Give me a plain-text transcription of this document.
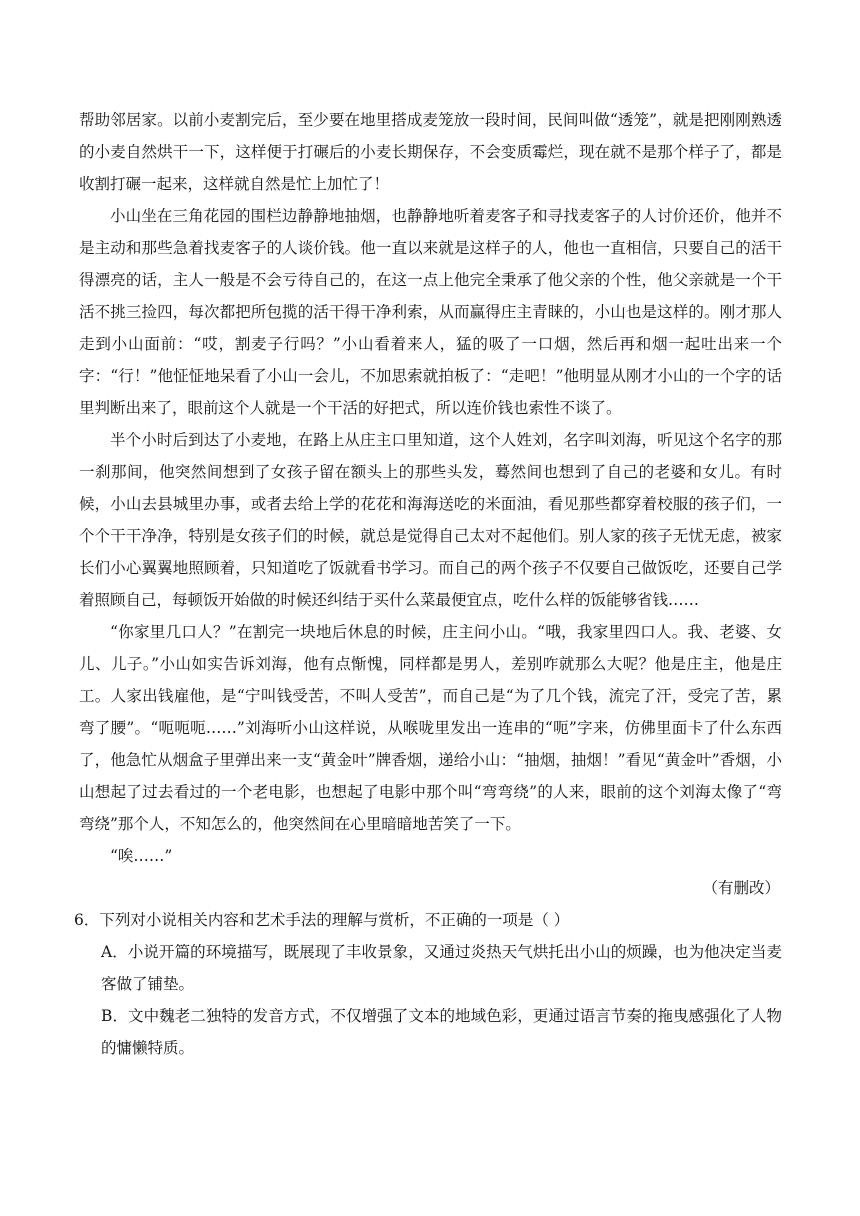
帮助邻居家。以前小麦割完后，至少要在地里搭成麦笼放一段时间，民间叫做“透笼”，就是把刚刚熟透的小麦自然烘干一下，这样便于打碾后的小麦长期保存，不会变质霉烂，现在就不是那个样子了，都是收割打碾一起来，这样就自然是忙上加忙了！

小山坐在三角花园的围栏边静静地抽烟，也静静地听着麦客子和寻找麦客子的人讨价还价，他并不是主动和那些急着找麦客子的人谈价钱。他一直以来就是这样子的人，他也一直相信，只要自己的活干得漂亮的话，主人一般是不会亏待自己的，在这一点上他完全秉承了他父亲的个性，他父亲就是一个干活不挑三捡四，每次都把所包揽的活干得干净利索，从而赢得庄主青睐的，小山也是这样的。刚才那人走到小山面前：“哎，割麦子行吗？”小山看着来人，猛的吸了一口烟，然后再和烟一起吐出来一个字：“行！”他怔怔地呆看了小山一会儿，不加思索就拍板了：“走吧！”他明显从刚才小山的一个字的话里判断出来了，眼前这个人就是一个干活的好把式，所以连价钱也索性不谈了。

半个小时后到达了小麦地，在路上从庄主口里知道，这个人姓刘，名字叫刘海，听见这个名字的那一刹那间，他突然间想到了女孩子留在额头上的那些头发，蓦然间也想到了自己的老婆和女儿。有时候，小山去县城里办事，或者去给上学的花花和海海送吃的米面油，看见那些都穿着校服的孩子们，一个个干干净净，特别是女孩子们的时候，就总是觉得自己太对不起他们。别人家的孩子无忧无虑，被家长们小心翼翼地照顾着，只知道吃了饭就看书学习。而自己的两个孩子不仅要自己做饭吃，还要自己学着照顾自己，每顿饭开始做的时候还纠结于买什么菜最便宜点，吃什么样的饭能够省钱……

“你家里几口人？”在割完一块地后休息的时候，庄主问小山。“哦，我家里四口人。我、老婆、女儿、儿子。”小山如实告诉刘海，他有点惭愧，同样都是男人，差别咋就那么大呢？他是庄主，他是庄工。人家出钱雇他，是“宁叫钱受苦，不叫人受苦”，而自己是“为了几个钱，流完了汗，受完了苦，累弯了腰”。“呃呃呃……”刘海听小山这样说，从喉咙里发出一连串的“呃”字来，仿佛里面卡了什么东西了，他急忙从烟盒子里弹出来一支“黄金叶”牌香烟，递给小山：“抽烟，抽烟！”看见“黄金叶”香烟，小山想起了过去看过的一个老电影，也想起了电影中那个叫“弯弯绕”的人来，眼前的这个刘海太像了“弯弯绕”那个人，不知怎么的，他突然间在心里暗暗地苦笑了一下。

“唉……”

（有删改）

6．下列对小说相关内容和艺术手法的理解与赏析，不正确的一项是（ ）

A．小说开篇的环境描写，既展现了丰收景象，又通过炎热天气烘托出小山的烦躁，也为他决定当麦客做了铺垫。

B．文中魏老二独特的发音方式，不仅增强了文本的地域色彩，更通过语言节奏的拖曳感强化了人物的慵懒特质。
